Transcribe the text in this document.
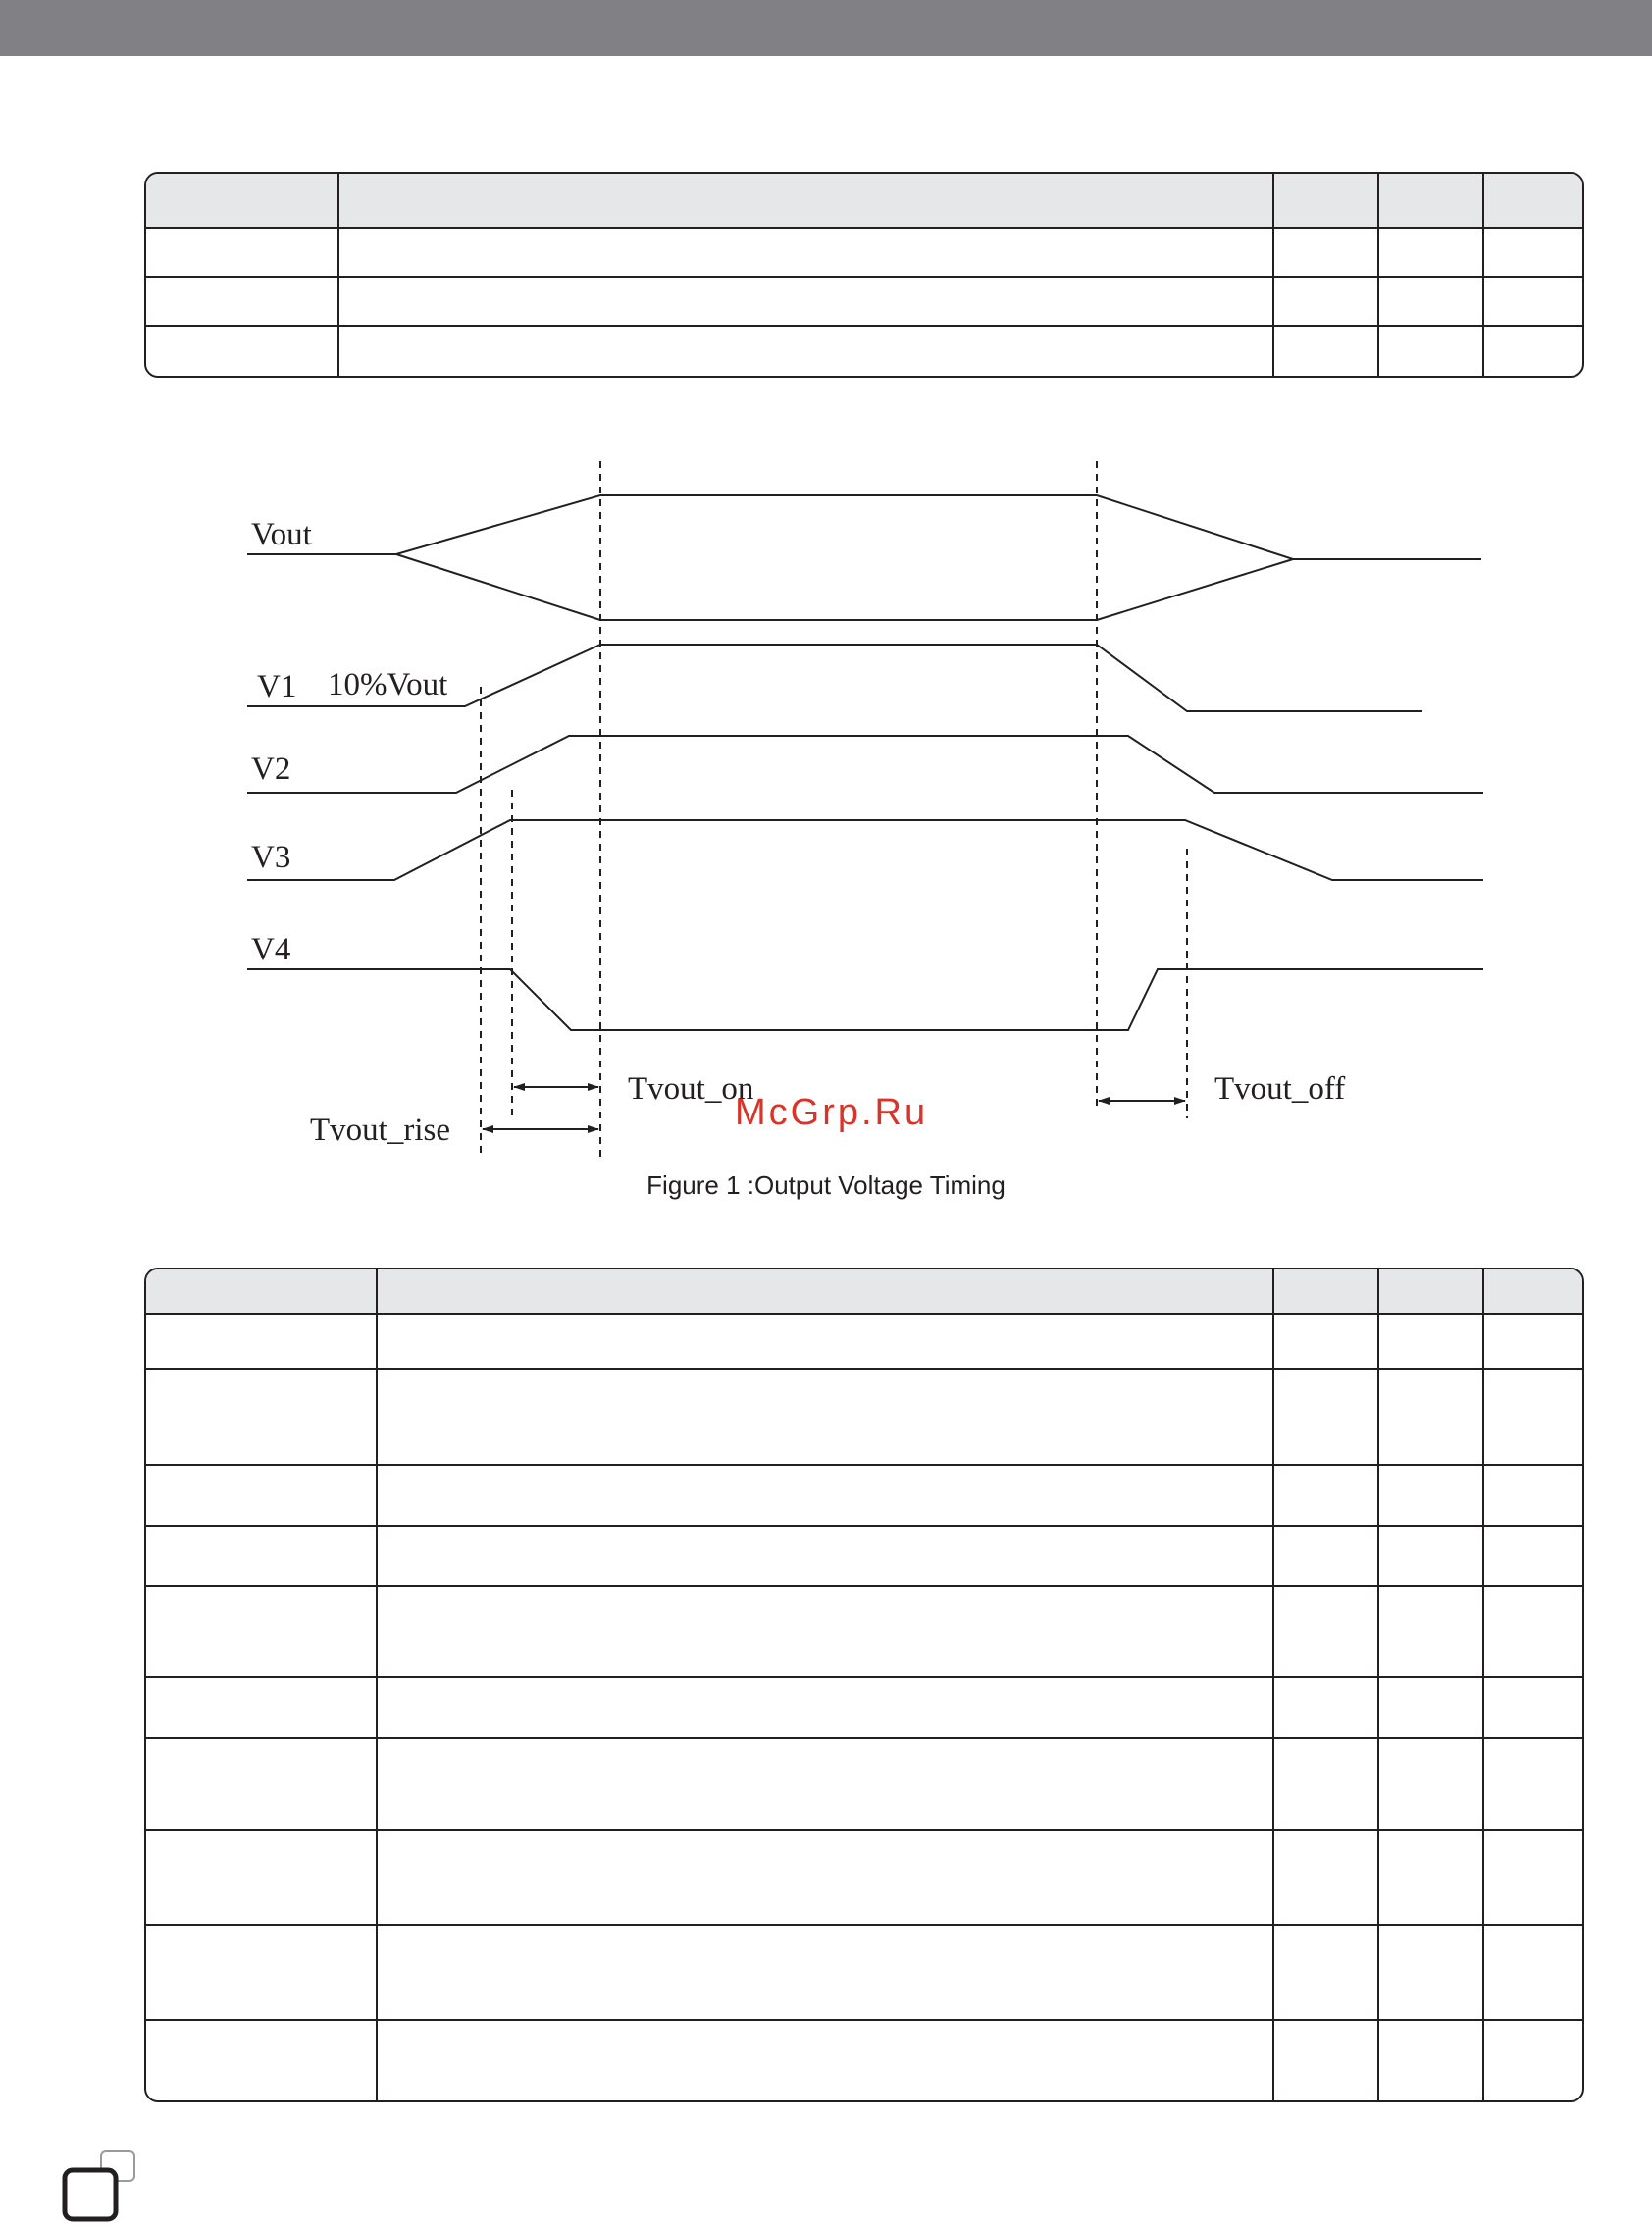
Vout
V1 10%Vout
V2
V3
V4
Tvout_on	Tvout_off
Tvout_rise	McGrp.Ru
Figure 1 :Output Voltage Timing
